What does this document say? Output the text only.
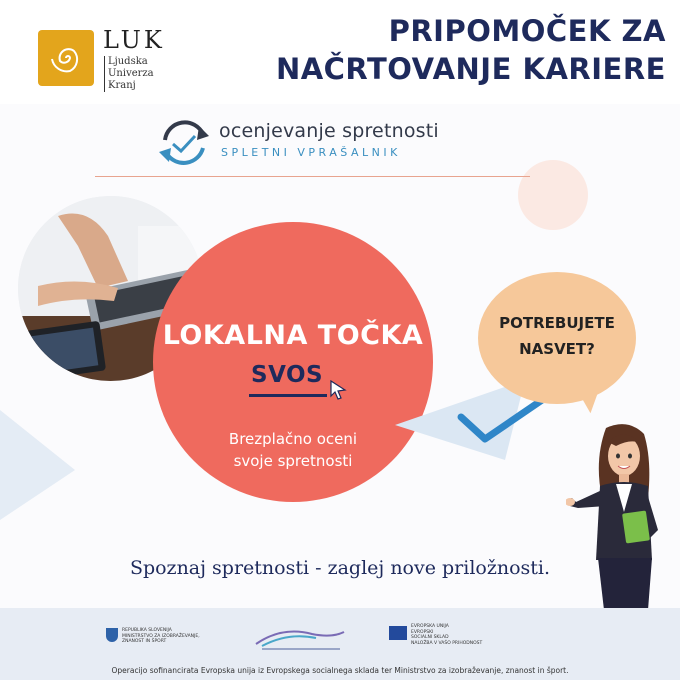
LUK
Ljudska
Univerza
Kranj
PRIPOMOČEK ZA
NAČRTOVANJE KARIERE
ocenjevanje spretnosti
SPLETNI VPRAŠALNIK
LOKALNA TOČKA
SVOS
Brezplačno oceni
svoje spretnosti
POTREBUJETE
NASVET?
Spoznaj spretnosti - zaglej nove priložnosti.
REPUBLIKA SLOVENIJA
MINISTRSTVO ZA IZOBRAŽEVANJE,
ZNANOST IN ŠPORT
EVROPSKA UNIJA
EVROPSKI
SOCIALNI SKLAD
NALOŽBA V VAŠO PRIHODNOST
Operacijo sofinancirata Evropska unija iz Evropskega socialnega sklada ter Ministrstvo za izobraževanje, znanost in šport.
